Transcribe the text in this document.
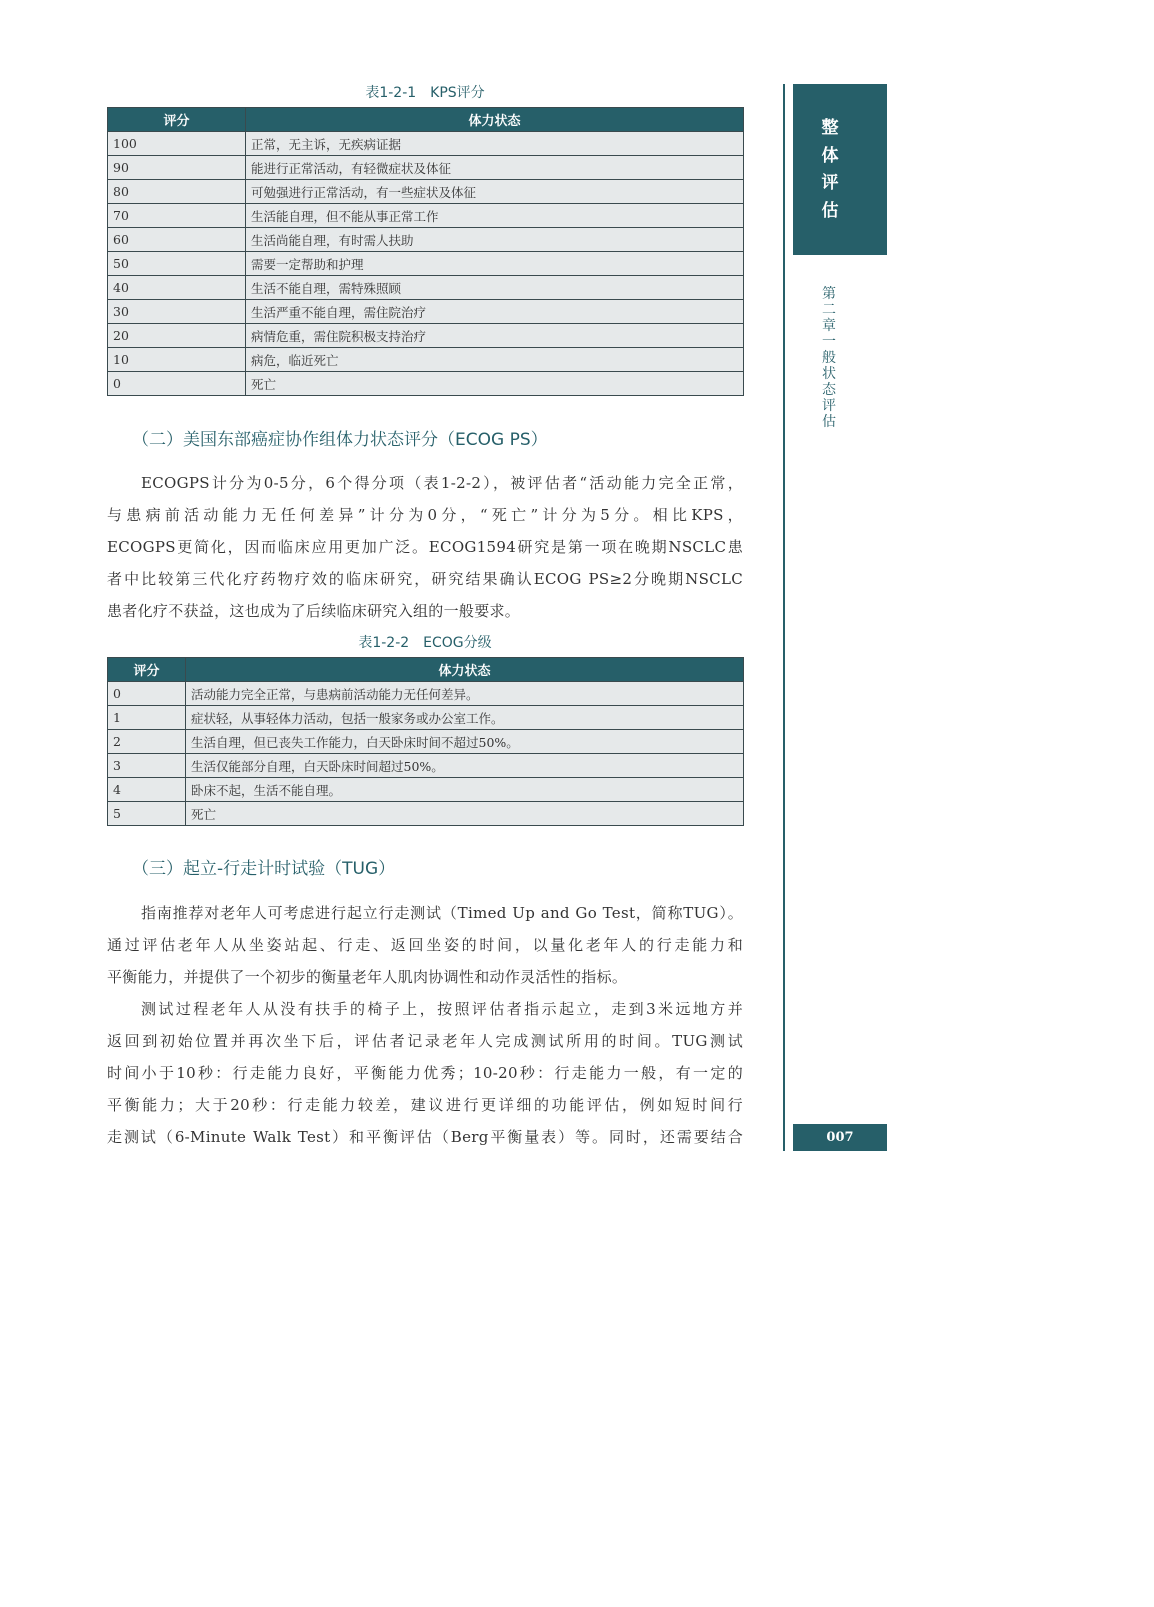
整体评估
第二章 一般状态评估
007
表1-2-1　KPS评分
评分	体力状态
100	正常，无主诉，无疾病证据
90	能进行正常活动，有轻微症状及体征
80	可勉强进行正常活动，有一些症状及体征
70	生活能自理，但不能从事正常工作
60	生活尚能自理，有时需人扶助
50	需要一定帮助和护理
40	生活不能自理，需特殊照顾
30	生活严重不能自理，需住院治疗
20	病情危重，需住院积极支持治疗
10	病危，临近死亡
0	死亡
（二）美国东部癌症协作组体力状态评分（ECOG PS）
ECOGPS计分为0-5分，6个得分项（表1-2-2），被评估者“活动能力完全正常，
与患病前活动能力无任何差异”计分为0分，“死亡”计分为5分。相比KPS，
ECOGPS更简化，因而临床应用更加广泛。ECOG1594研究是第一项在晚期NSCLC患
者中比较第三代化疗药物疗效的临床研究，研究结果确认ECOG PS≥2分晚期NSCLC
患者化疗不获益，这也成为了后续临床研究入组的一般要求。
表1-2-2　ECOG分级
评分	体力状态
0	活动能力完全正常，与患病前活动能力无任何差异。
1	症状轻，从事轻体力活动，包括一般家务或办公室工作。
2	生活自理，但已丧失工作能力，白天卧床时间不超过50%。
3	生活仅能部分自理，白天卧床时间超过50%。
4	卧床不起，生活不能自理。
5	死亡
（三）起立-行走计时试验（TUG）
指南推荐对老年人可考虑进行起立行走测试（Timed Up and Go Test，简称TUG）。
通过评估老年人从坐姿站起、行走、返回坐姿的时间，以量化老年人的行走能力和
平衡能力，并提供了一个初步的衡量老年人肌肉协调性和动作灵活性的指标。
测试过程老年人从没有扶手的椅子上，按照评估者指示起立，走到3米远地方并
返回到初始位置并再次坐下后，评估者记录老年人完成测试所用的时间。TUG测试
时间小于10秒：行走能力良好，平衡能力优秀；10-20秒：行走能力一般，有一定的
平衡能力；大于20秒：行走能力较差，建议进行更详细的功能评估，例如短时间行
走测试（6-Minute Walk Test）和平衡评估（Berg平衡量表）等。同时，还需要结合
